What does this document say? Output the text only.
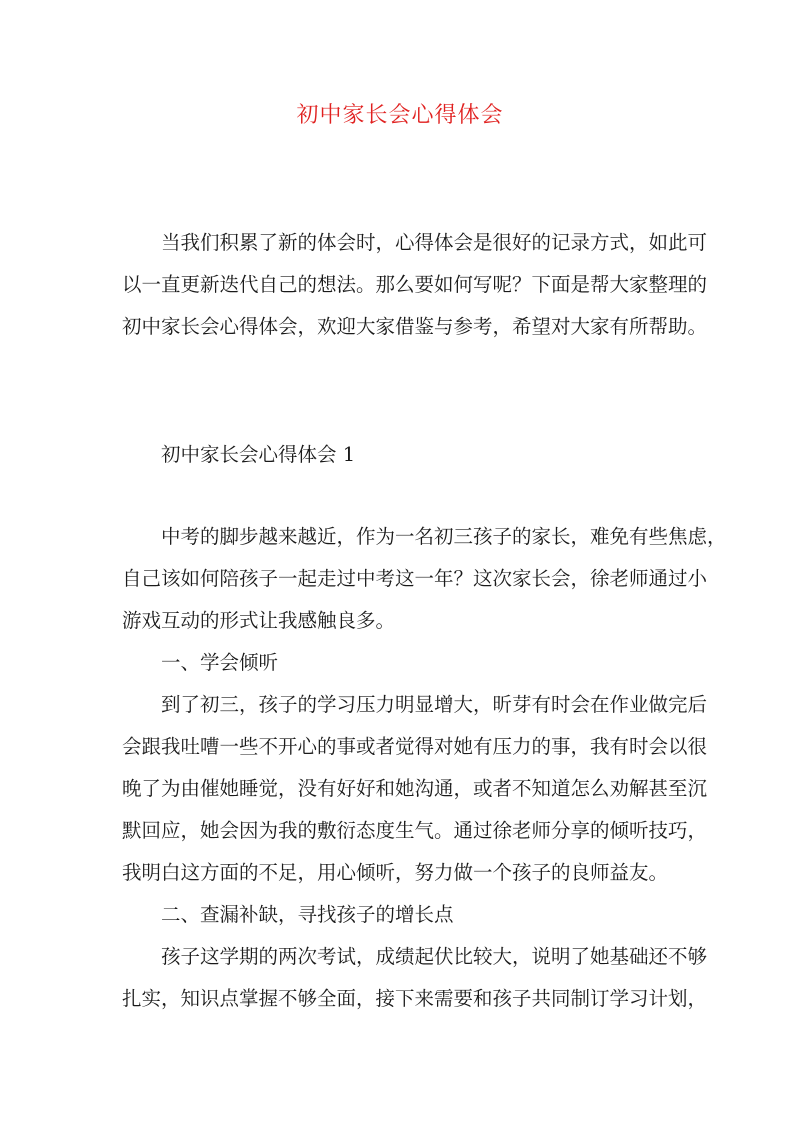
初中家长会心得体会
当我们积累了新的体会时，心得体会是很好的记录方式，如此可
以一直更新迭代自己的想法。那么要如何写呢？下面是帮大家整理的
初中家长会心得体会，欢迎大家借鉴与参考，希望对大家有所帮助。
初中家长会心得体会 1
中考的脚步越来越近，作为一名初三孩子的家长，难免有些焦虑，
自己该如何陪孩子一起走过中考这一年？这次家长会，徐老师通过小
游戏互动的形式让我感触良多。
一、学会倾听
到了初三，孩子的学习压力明显增大，昕芽有时会在作业做完后
会跟我吐嘈一些不开心的事或者觉得对她有压力的事，我有时会以很
晚了为由催她睡觉，没有好好和她沟通，或者不知道怎么劝解甚至沉
默回应，她会因为我的敷衍态度生气。通过徐老师分享的倾听技巧，
我明白这方面的不足，用心倾听，努力做一个孩子的良师益友。
二、查漏补缺，寻找孩子的增长点
孩子这学期的两次考试，成绩起伏比较大，说明了她基础还不够
扎实，知识点掌握不够全面，接下来需要和孩子共同制订学习计划，
